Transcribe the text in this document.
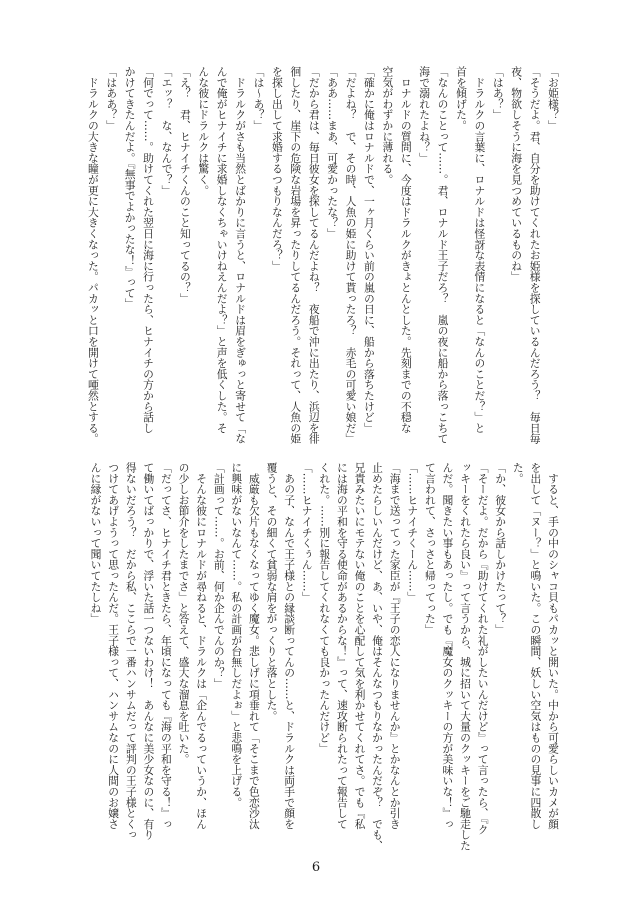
「お姫様？」
「そうだよ。君、自分を助けてくれたお姫様を探しているんだろう？　毎日毎
夜、物欲しそうに海を見つめているものね」
「はあ？」
　ドラルクの言葉に、ロナルドは怪訝な表情になると「なんのことだ？」と
首を傾げた。
「なんのことって……。君、ロナルド王子だろ？　嵐の夜に船から落っこちて
海で溺れたよね？」
　ロナルドの質問に、今度はドラルクがきょとんとした。先刻までの不穏な
空気がわずかに薄れる。
「確かに俺はロナルドで、一ヶ月くらい前の嵐の日に、船から落ちたけど」
「だよね？　で、その時、人魚の姫に助けて貰ったろ？　赤毛の可愛い娘だ」
「ああ……まあ、可愛かったな？」
「だから君は、毎日彼女を探してるんだよね？　夜船で沖に出たり、浜辺を徘
徊したり、崖下の危険な岩場を昇ったりしてるんだろう。それって、人魚の姫
を探し出して求婚するつもりなんだろ？」
「は～あ？」
　ドラルクがさも当然とばかりに言うと、ロナルドは眉をぎゅっと寄せて「な
んで俺がヒナイチに求婚しなくちゃいけねえんだよ？」と声を低くした。そ
んな彼にドラルクは驚く。
「え？　君、ヒナイチくんのこと知ってるの？」
「エッ？　な、なんで？」
「何でって……。助けてくれた翌日に海に行ったら、ヒナイチの方から話し
かけてきたんだよ。『無事でよかったな！』って」
「はああ？」
　ドラルクの大きな瞳が更に大きくなった。パカッと口を開けて唖然とする。
　すると、手の中のシャコ貝もパカッと開いた。中から可愛らしいカメが顔
を出して「ヌー？」と鳴いた。この瞬間、妖しい空気はものの見事に四散し
た。
「か、彼女から話しかけたって？」
「そーだよ。だから『助けてくれた礼がしたいんだけど』って言ったら、『ク
ッキーをくれたら良い』って言うから、城に招いて大量のクッキーをご馳走した
んだ。聞きたい事もあったし。でも『魔女のクッキーの方が美味いな！』っ
て言われて、さっさと帰ってった」
「……ヒナイチくーん……」
「海まで送ってった家臣が『王子の恋人になりませんか』とかなんとか引き
止めたらしいんだけど、あ、いや、俺はそんなつもりなかったんだぞ？　でも、
兄貴みたいにモテない俺のことを心配して気を利かせてくれてさ。でも『私
には海の平和を守る使命があるからな！』って、速攻断られたって報告して
くれた。……別に報告してくれなくても良かったんだけど」
「……ヒナイチくぅん……」
　あの子、なんで王子様との縁談断ってんの……と、ドラルクは両手で顔を
覆うと、その細くて貧弱な肩をがっくりと落とした。
　威厳も欠片もなくなってゆく魔女。悲しげに項垂れて「そこまで色恋沙汰
に興味がないなんて……。私の計画が台無しだよぉ」と悲鳴を上げる。
「計画って……。お前、何か企んでんのか？」
　そんな彼にロナルドが尋ねると、ドラルクは「企んでるっていうか、ほん
の少しお節介をしたまでさ」と答えて、盛大な溜息を吐いた。
「だってさ、ヒナイチ君ときたら、年頃になっても『海の平和を守る！』っ
て働いてばっかりで、浮いた話一つないわけ！　あんなに美少女なのに、有り
得ないだろう？　だから私、ここらで一番ハンサムだって評判の王子様とくっ
つけてあげようって思ったんだ。王子様って、ハンサムなのに人間のお嬢さ
んに縁がないって聞いてたしね」
6
